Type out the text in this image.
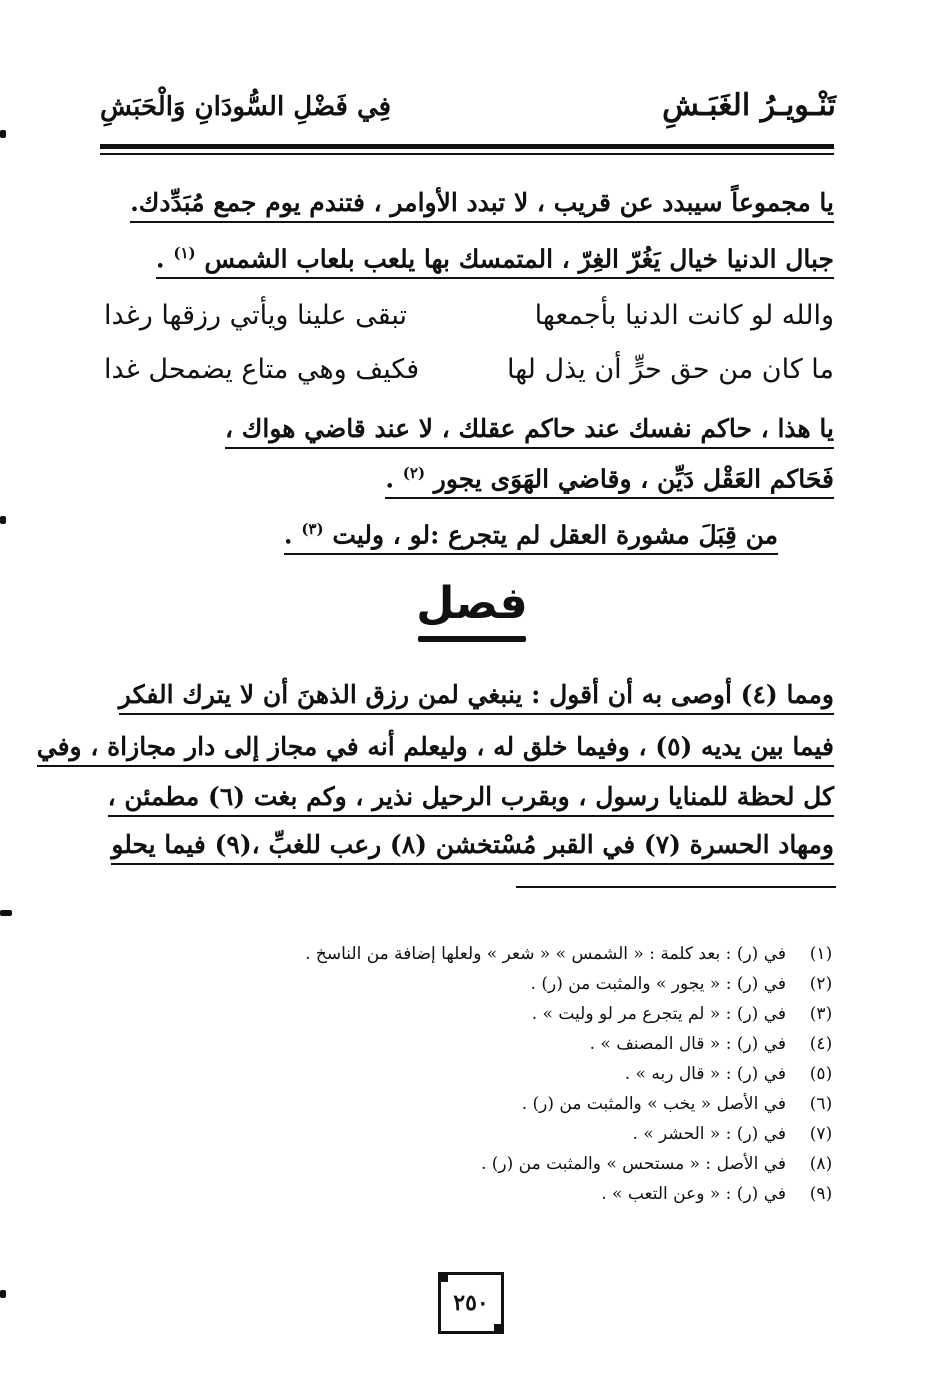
تَنْـويـرُ الغَبَـشِ
فِي فَضْلِ السُّودَانِ وَالْحَبَشِ
يا مجموعاً سيبدد عن قريب ، لا تبدد الأوامر ، فتندم يوم جمع مُبَدِّدك.
جبال الدنيا خيال يَغُرّ الغِرّ ، المتمسك بها يلعب بلعاب الشمس $^{(١)}$ .
والله لو كانت الدنيا بأجمعها
تبقى علينا ويأتي رزقها رغدا
ما كان من حق حرٍّ أن يذل لها
فكيف وهي متاع يضمحل غدا
يا هذا ، حاكم نفسك عند حاكم عقلك ، لا عند قاضي هواك ،
فَحَاكم العَقْل دَيِّن ، وقاضي الهَوَى يجور $^{(٢)}$ .
من قِبَلَ مشورة العقل لم يتجرع :لو ، وليت $^{(٣)}$ .
فصل
ومما (٤) أوصى به أن أقول : ينبغي لمن رزق الذهنَ أن لا يترك الفكر
فيما بين يديه (٥) ، وفيما خلق له ، وليعلم أنه في مجاز إلى دار مجازاة ، وفي
كل لحظة للمنايا رسول ، وبقرب الرحيل نذير ، وكم بغت (٦) مطمئن ،
ومهاد الحسرة (٧) في القبر مُسْتخشن (٨) رعب للغبِّ ،(٩) فيما يحلو
(١)
في (ر) : بعد كلمة : « الشمس » « شعر » ولعلها إضافة من الناسخ .
(٢)
في (ر) : « يجور » والمثبت من (ر) .
(٣)
في (ر) : « لم يتجرع مر لو وليت » .
(٤)
في (ر) : « قال المصنف » .
(٥)
في (ر) : « قال ربه » .
(٦)
في الأصل « يخب » والمثبت من (ر) .
(٧)
في (ر) : « الحشر » .
(٨)
في الأصل : « مستحس » والمثبت من (ر) .
(٩)
في (ر) : « وعن التعب » .
٢٥٠
